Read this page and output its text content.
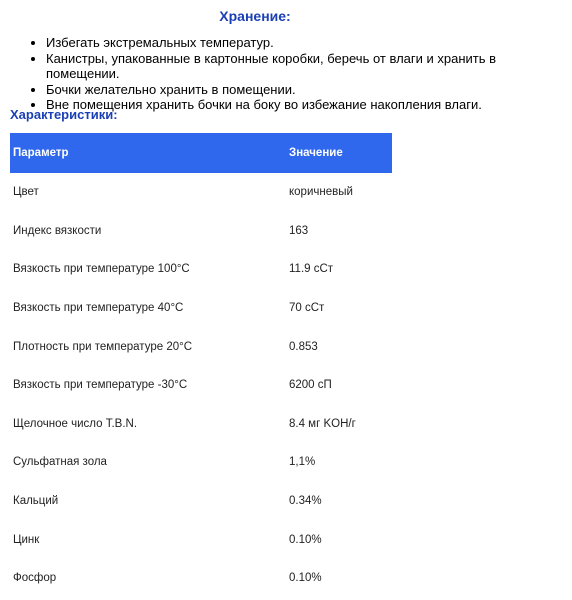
Хранение:
• Избегать экстремальных температур.
• Канистры, упакованные в картонные коробки, беречь от влаги и хранить в помещении.
• Бочки желательно хранить в помещении.
• Вне помещения хранить бочки на боку во избежание накопления влаги.
Характеристики:
Параметр	Значение
Цвет	коричневый
Индекс вязкости	163
Вязкость при температуре 100°C	11.9 cCт
Вязкость при температуре 40°C	70 cCт
Плотность при температуре 20°C	0.853
Вязкость при температуре -30°C	6200 cП
Щелочное число T.B.N.	8.4 мг KOH/г
Сульфатная зола	1,1%
Кальций	0.34%
Цинк	0.10%
Фосфор	0.10%
